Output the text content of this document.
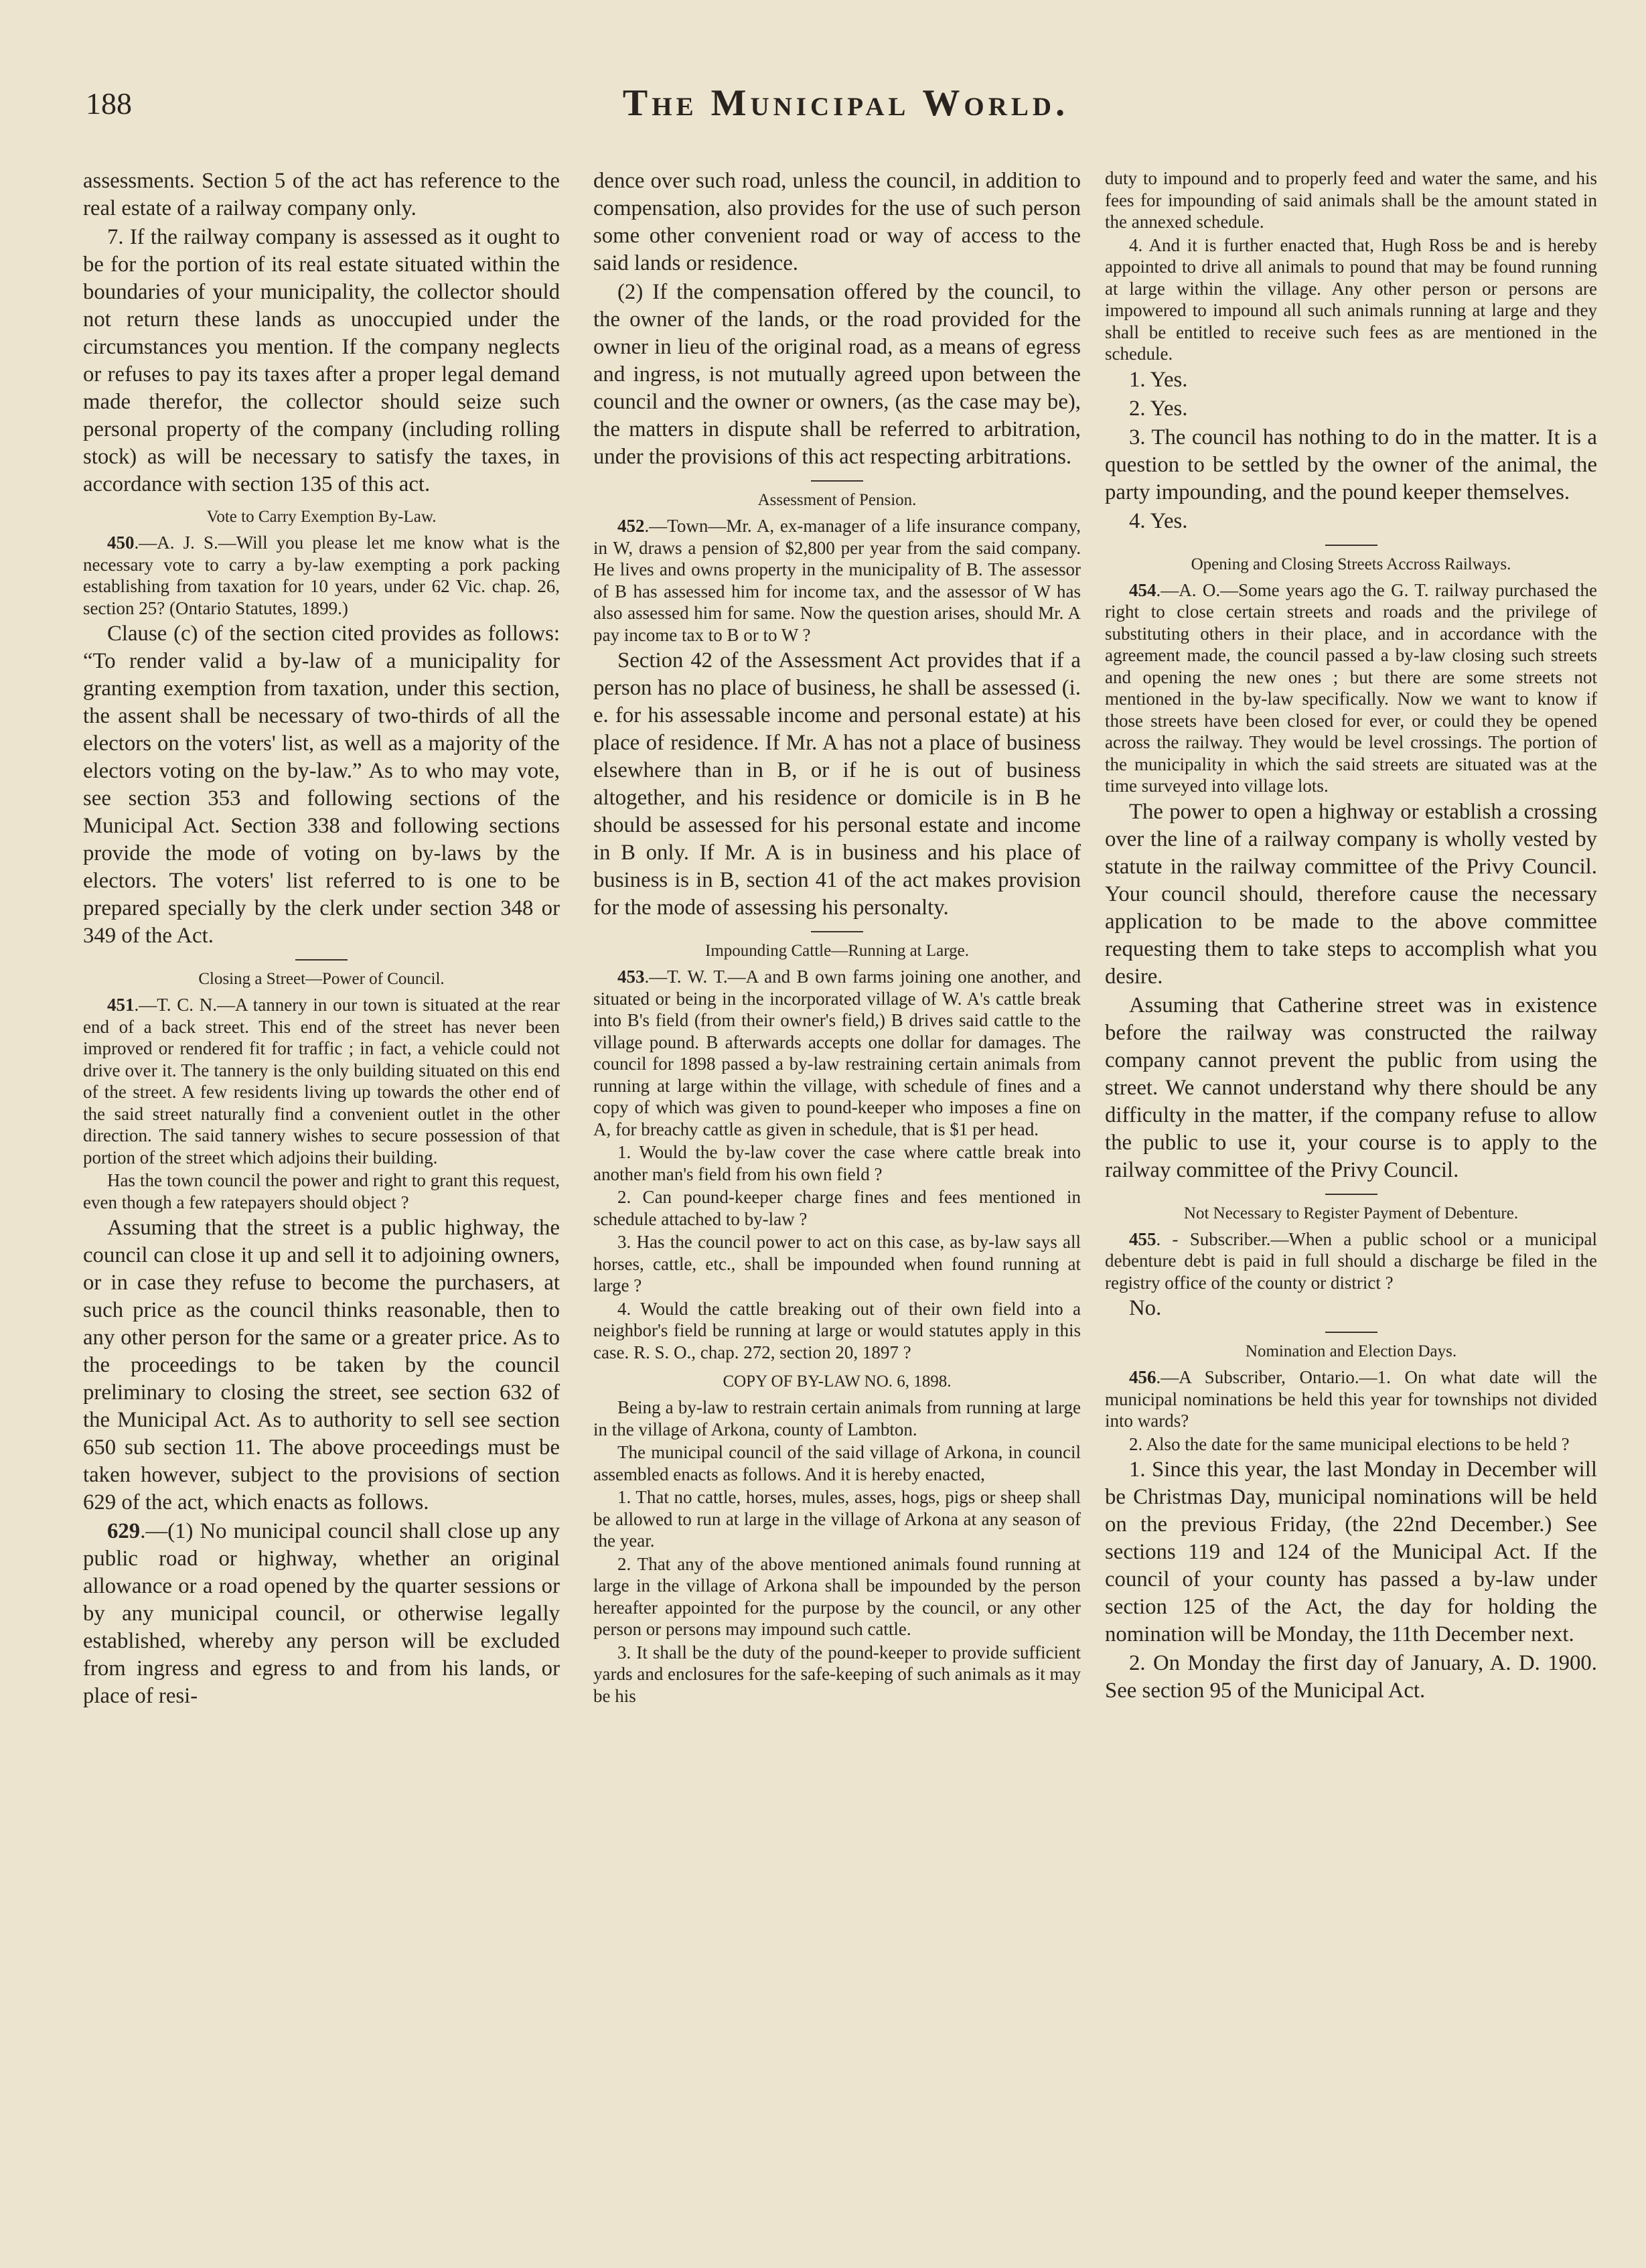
188	The Municipal World.

assessments. Section 5 of the act has reference to the real estate of a railway company only.

7. If the railway company is assessed as it ought to be for the portion of its real estate situated within the boundaries of your municipality, the collector should not return these lands as unoccupied under the circumstances you mention. If the company neglects or refuses to pay its taxes after a proper legal demand made therefor, the collector should seize such personal property of the company (including rolling stock) as will be necessary to satisfy the taxes, in accordance with section 135 of this act.

Vote to Carry Exemption By-Law.

450.—A. J. S.—Will you please let me know what is the necessary vote to carry a by-law exempting a pork packing establishing from taxation for 10 years, under 62 Vic. chap. 26, section 25? (Ontario Statutes, 1899.)

Clause (c) of the section cited provides as follows: “To render valid a by-law of a municipality for granting exemption from taxation, under this section, the assent shall be necessary of two-thirds of all the electors on the voters' list, as well as a majority of the electors voting on the by-law.” As to who may vote, see section 353 and following sections of the Municipal Act. Section 338 and following sections provide the mode of voting on by-laws by the electors. The voters' list referred to is one to be prepared specially by the clerk under section 348 or 349 of the Act.

Closing a Street—Power of Council.

451.—T. C. N.—A tannery in our town is situated at the rear end of a back street. This end of the street has never been improved or rendered fit for traffic ; in fact, a vehicle could not drive over it. The tannery is the only building situated on this end of the street. A few residents living up towards the other end of the said street naturally find a convenient outlet in the other direction. The said tannery wishes to secure possession of that portion of the street which adjoins their building.

Has the town council the power and right to grant this request, even though a few ratepayers should object ?

Assuming that the street is a public highway, the council can close it up and sell it to adjoining owners, or in case they refuse to become the purchasers, at such price as the council thinks reasonable, then to any other person for the same or a greater price. As to the proceedings to be taken by the council preliminary to closing the street, see section 632 of the Municipal Act. As to authority to sell see section 650 sub section 11. The above proceedings must be taken however, subject to the provisions of section 629 of the act, which enacts as follows.

629.—(1) No municipal council shall close up any public road or highway, whether an original allowance or a road opened by the quarter sessions or by any municipal council, or otherwise legally established, whereby any person will be excluded from ingress and egress to and from his lands, or place of resi-

dence over such road, unless the council, in addition to compensation, also provides for the use of such person some other convenient road or way of access to the said lands or residence.

(2) If the compensation offered by the council, to the owner of the lands, or the road provided for the owner in lieu of the original road, as a means of egress and ingress, is not mutually agreed upon between the council and the owner or owners, (as the case may be), the matters in dispute shall be referred to arbitration, under the provisions of this act respecting arbitrations.

Assessment of Pension.

452.—Town—Mr. A, ex-manager of a life insurance company, in W, draws a pension of $2,800 per year from the said company. He lives and owns property in the municipality of B. The assessor of B has assessed him for income tax, and the assessor of W has also assessed him for same. Now the question arises, should Mr. A pay income tax to B or to W ?

Section 42 of the Assessment Act provides that if a person has no place of business, he shall be assessed (i. e. for his assessable income and personal estate) at his place of residence. If Mr. A has not a place of business elsewhere than in B, or if he is out of business altogether, and his residence or domicile is in B he should be assessed for his personal estate and income in B only. If Mr. A is in business and his place of business is in B, section 41 of the act makes provision for the mode of assessing his personalty.

Impounding Cattle—Running at Large.

453.—T. W. T.—A and B own farms joining one another, and situated or being in the incorporated village of W. A's cattle break into B's field (from their owner's field,) B drives said cattle to the village pound. B afterwards accepts one dollar for damages. The council for 1898 passed a by-law restraining certain animals from running at large within the village, with schedule of fines and a copy of which was given to pound-keeper who imposes a fine on A, for breachy cattle as given in schedule, that is $1 per head.

1. Would the by-law cover the case where cattle break into another man's field from his own field ?

2. Can pound-keeper charge fines and fees mentioned in schedule attached to by-law ?

3. Has the council power to act on this case, as by-law says all horses, cattle, etc., shall be impounded when found running at large ?

4. Would the cattle breaking out of their own field into a neighbor's field be running at large or would statutes apply in this case. R. S. O., chap. 272, section 20, 1897 ?

COPY OF BY-LAW NO. 6, 1898.

Being a by-law to restrain certain animals from running at large in the village of Arkona, county of Lambton.

The municipal council of the said village of Arkona, in council assembled enacts as follows. And it is hereby enacted,

1. That no cattle, horses, mules, asses, hogs, pigs or sheep shall be allowed to run at large in the village of Arkona at any season of the year.

2. That any of the above mentioned animals found running at large in the village of Arkona shall be impounded by the person hereafter appointed for the purpose by the council, or any other person or persons may impound such cattle.

3. It shall be the duty of the pound-keeper to provide sufficient yards and enclosures for the safe-keeping of such animals as it may be his

duty to impound and to properly feed and water the same, and his fees for impounding of said animals shall be the amount stated in the annexed schedule.

4. And it is further enacted that, Hugh Ross be and is hereby appointed to drive all animals to pound that may be found running at large within the village. Any other person or persons are impowered to impound all such animals running at large and they shall be entitled to receive such fees as are mentioned in the schedule.

1. Yes.

2. Yes.

3. The council has nothing to do in the matter. It is a question to be settled by the owner of the animal, the party impounding, and the pound keeper themselves.

4. Yes.

Opening and Closing Streets Accross Railways.

454.—A. O.—Some years ago the G. T. railway purchased the right to close certain streets and roads and the privilege of substituting others in their place, and in accordance with the agreement made, the council passed a by-law closing such streets and opening the new ones ; but there are some streets not mentioned in the by-law specifically. Now we want to know if those streets have been closed for ever, or could they be opened across the railway. They would be level crossings. The portion of the municipality in which the said streets are situated was at the time surveyed into village lots.

The power to open a highway or establish a crossing over the line of a railway company is wholly vested by statute in the railway committee of the Privy Council. Your council should, therefore cause the necessary application to be made to the above committee requesting them to take steps to accomplish what you desire.

Assuming that Catherine street was in existence before the railway was constructed the railway company cannot prevent the public from using the street. We cannot understand why there should be any difficulty in the matter, if the company refuse to allow the public to use it, your course is to apply to the railway committee of the Privy Council.

Not Necessary to Register Payment of Debenture.

455. - Subscriber.—When a public school or a municipal debenture debt is paid in full should a discharge be filed in the registry office of the county or district ?

No.

Nomination and Election Days.

456.—A Subscriber, Ontario.—1. On what date will the municipal nominations be held this year for townships not divided into wards?

2. Also the date for the same municipal elections to be held ?

1. Since this year, the last Monday in December will be Christmas Day, municipal nominations will be held on the previous Friday, (the 22nd December.) See sections 119 and 124 of the Municipal Act. If the council of your county has passed a by-law under section 125 of the Act, the day for holding the nomination will be Monday, the 11th December next.

2. On Monday the first day of January, A. D. 1900. See section 95 of the Municipal Act.
